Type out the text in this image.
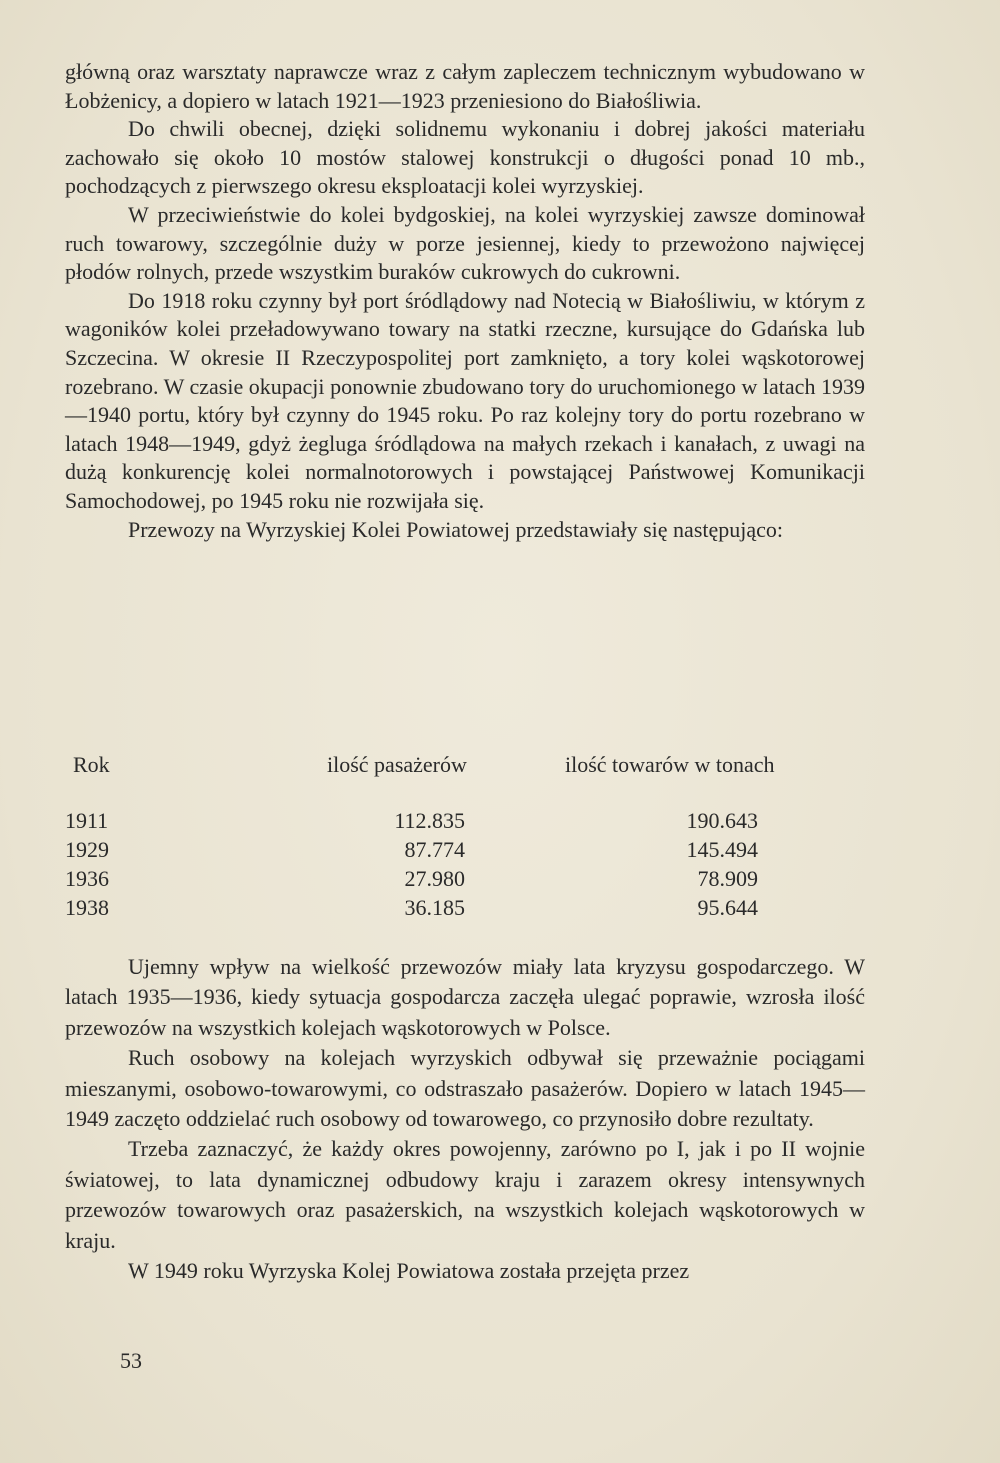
główną oraz warsztaty naprawcze wraz z całym zapleczem technicznym wybudowano w Łobżenicy, a dopiero w latach 1921—1923 przeniesiono do Białośliwia.

Do chwili obecnej, dzięki solidnemu wykonaniu i dobrej jakości materiału zachowało się około 10 mostów stalowej konstrukcji o długości ponad 10 mb., pochodzących z pierwszego okresu eksploatacji kolei wyrzyskiej.

W przeciwieństwie do kolei bydgoskiej, na kolei wyrzyskiej zawsze dominował ruch towarowy, szczególnie duży w porze jesiennej, kiedy to przewożono najwięcej płodów rolnych, przede wszystkim buraków cukrowych do cukrowni.

Do 1918 roku czynny był port śródlądowy nad Notecią w Białośliwiu, w którym z wagoników kolei przeładowywano towary na statki rzeczne, kursujące do Gdańska lub Szczecina. W okresie II Rzeczypospolitej port zamknięto, a tory kolei wąskotorowej rozebrano. W czasie okupacji ponownie zbudowano tory do uruchomionego w latach 1939—1940 portu, który był czynny do 1945 roku. Po raz kolejny tory do portu rozebrano w latach 1948—1949, gdyż żegluga śródlądowa na małych rzekach i kanałach, z uwagi na dużą konkurencję kolei normalnotorowych i powstającej Państwowej Komunikacji Samochodowej, po 1945 roku nie rozwijała się.

Przewozy na Wyrzyskiej Kolei Powiatowej przedstawiały się następująco:

Rok	ilość pasażerów	ilość towarów w tonach
1911	112.835	190.643
1929	87.774	145.494
1936	27.980	78.909
1938	36.185	95.644

Ujemny wpływ na wielkość przewozów miały lata kryzysu gospodarczego. W latach 1935—1936, kiedy sytuacja gospodarcza zaczęła ulegać poprawie, wzrosła ilość przewozów na wszystkich kolejach wąskotorowych w Polsce.

Ruch osobowy na kolejach wyrzyskich odbywał się przeważnie pociągami mieszanymi, osobowo-towarowymi, co odstraszało pasażerów. Dopiero w latach 1945—1949 zaczęto oddzielać ruch osobowy od towarowego, co przynosiło dobre rezultaty.

Trzeba zaznaczyć, że każdy okres powojenny, zarówno po I, jak i po II wojnie światowej, to lata dynamicznej odbudowy kraju i zarazem okresy intensywnych przewozów towarowych oraz pasażerskich, na wszystkich kolejach wąskotorowych w kraju.

W 1949 roku Wyrzyska Kolej Powiatowa została przejęta przez

53
